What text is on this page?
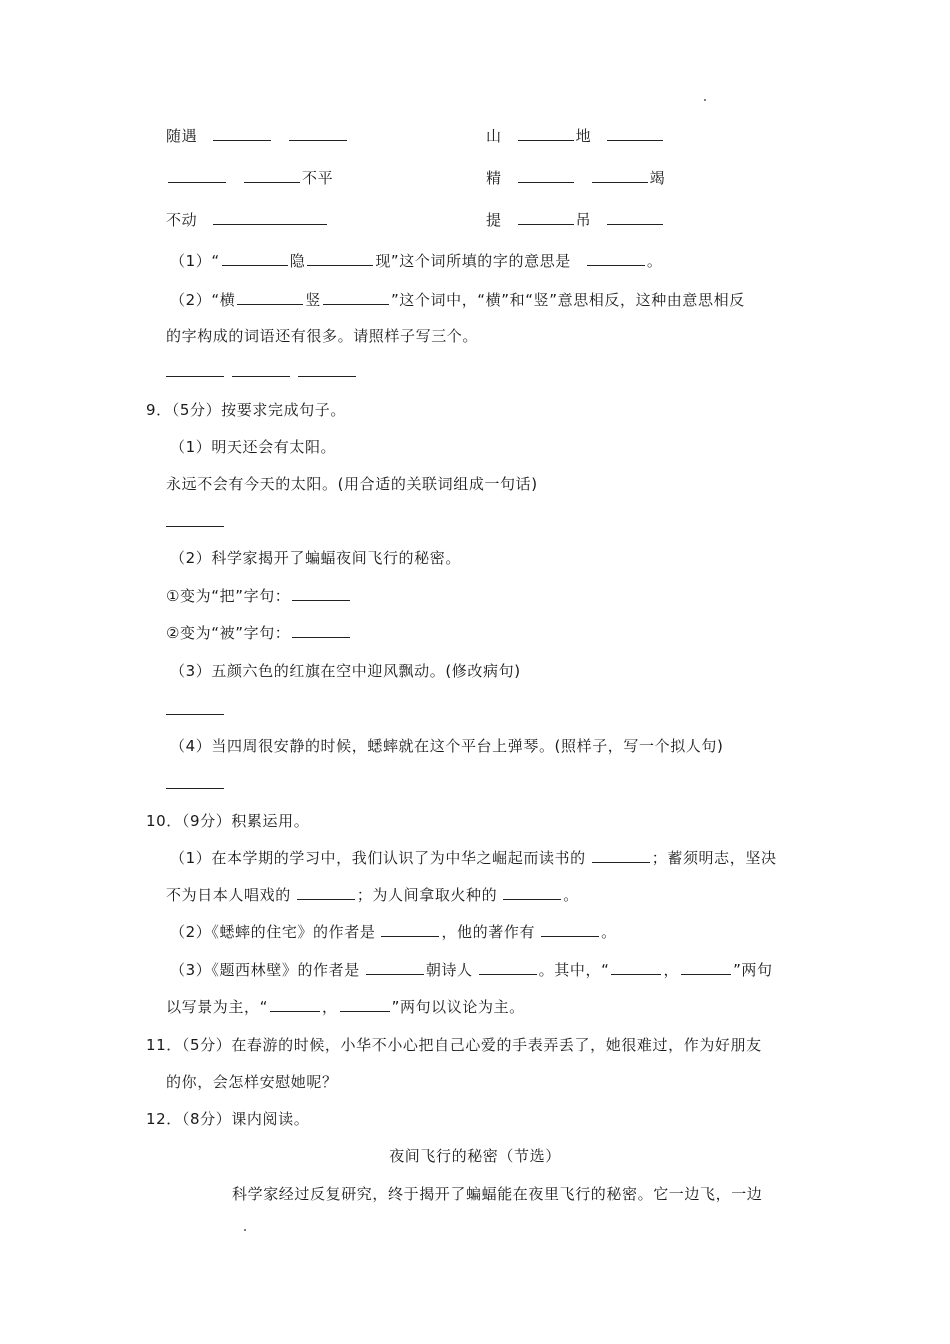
随遇	山	地
不平	精	竭
不动	提	吊
（1）“	隐	现”这个词所填的字的意思是	。
（2）“横	竖	”这个词中，“横”和“竖”意思相反，这种由意思相反
的字构成的词语还有很多。请照样子写三个。
9．（5分）按要求完成句子。
（1）明天还会有太阳。
永远不会有今天的太阳。(用合适的关联词组成一句话)
（2）科学家揭开了蝙蝠夜间飞行的秘密。
①变为“把”字句：
②变为“被”字句：
（3）五颜六色的红旗在空中迎风飘动。(修改病句)
（4）当四周很安静的时候，蟋蟀就在这个平台上弹琴。(照样子，写一个拟人句)
10．（9分）积累运用。
（1）在本学期的学习中，我们认识了为中华之崛起而读书的	；蓄须明志，坚决
不为日本人唱戏的	；为人间拿取火种的	。
（2）《蟋蟀的住宅》的作者是	，他的著作有	。
（3）《题西林壁》的作者是	朝诗人	。其中，“	，	”两句
以写景为主，“	，	”两句以议论为主。
11．（5分）在春游的时候，小华不小心把自己心爱的手表弄丢了，她很难过，作为好朋友
的你，会怎样安慰她呢？
12．（8分）课内阅读。
夜间飞行的秘密（节选）
科学家经过反复研究，终于揭开了蝙蝠能在夜里飞行的秘密。它一边飞，一边
